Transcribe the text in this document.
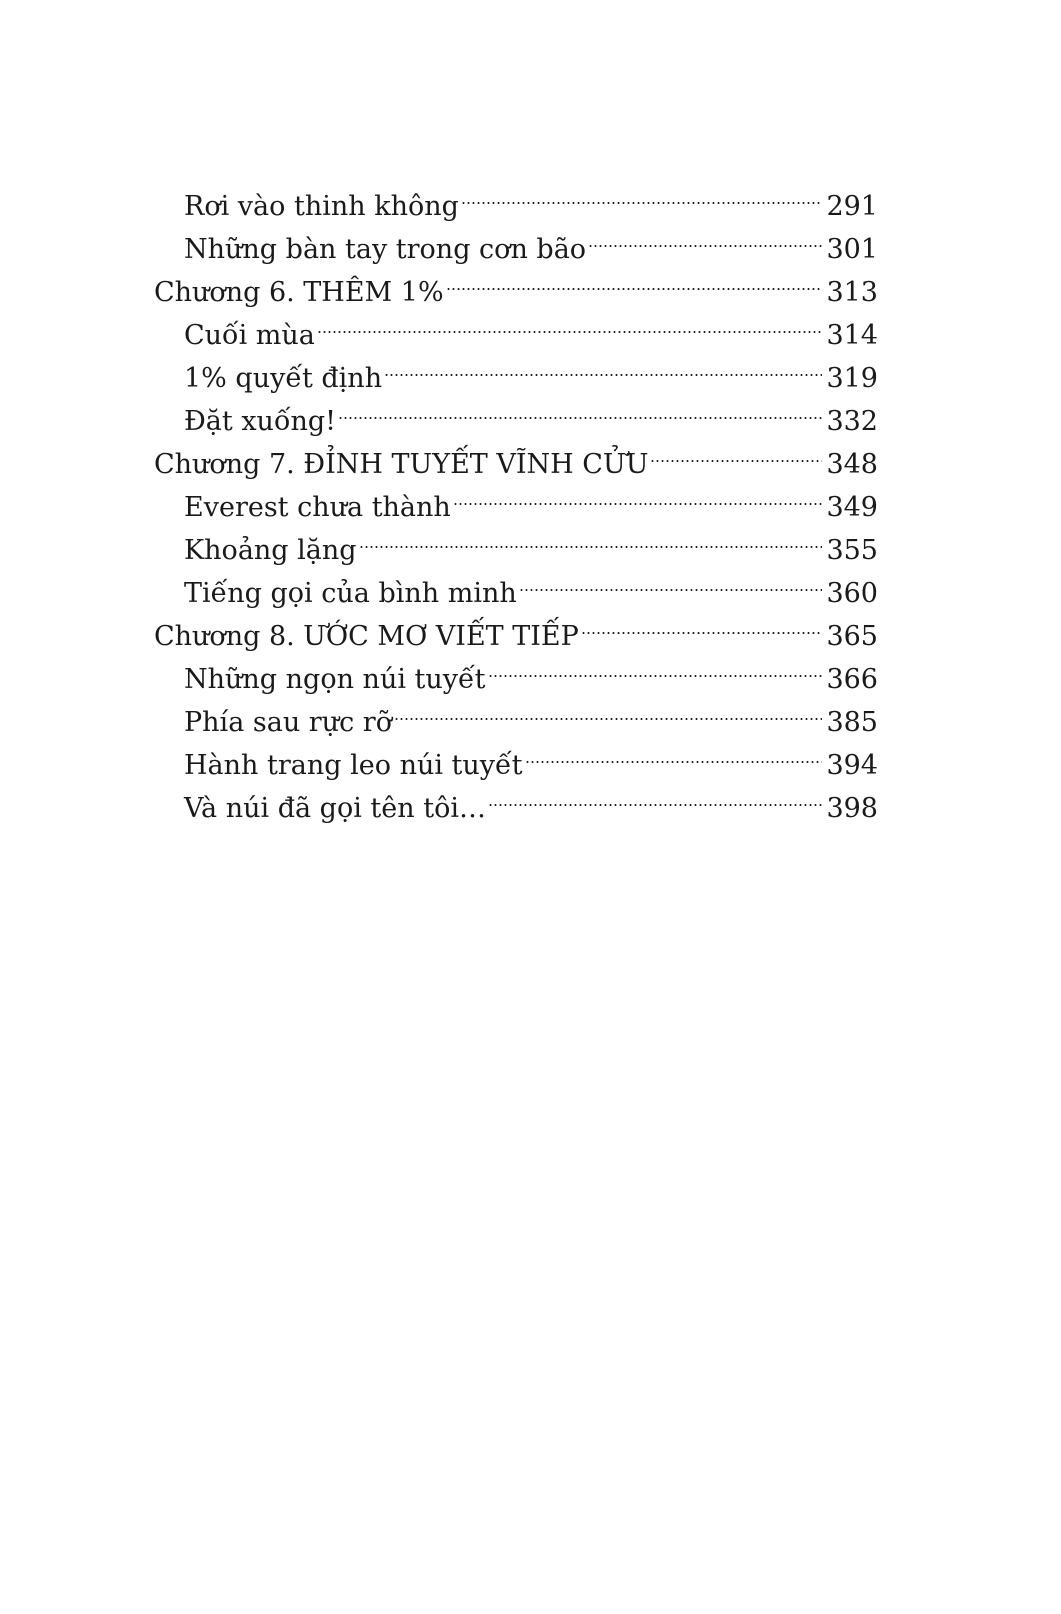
Rơi vào thinh không	291
Những bàn tay trong cơn bão	301
Chương 6. THÊM 1%	313
Cuối mùa	314
1% quyết định	319
Đặt xuống!	332
Chương 7. ĐỈNH TUYẾT VĨNH CỬU	348
Everest chưa thành	349
Khoảng lặng	355
Tiếng gọi của bình minh	360
Chương 8. ƯỚC MƠ VIẾT TIẾP	365
Những ngọn núi tuyết	366
Phía sau rực rỡ	385
Hành trang leo núi tuyết	394
Và núi đã gọi tên tôi…	398
